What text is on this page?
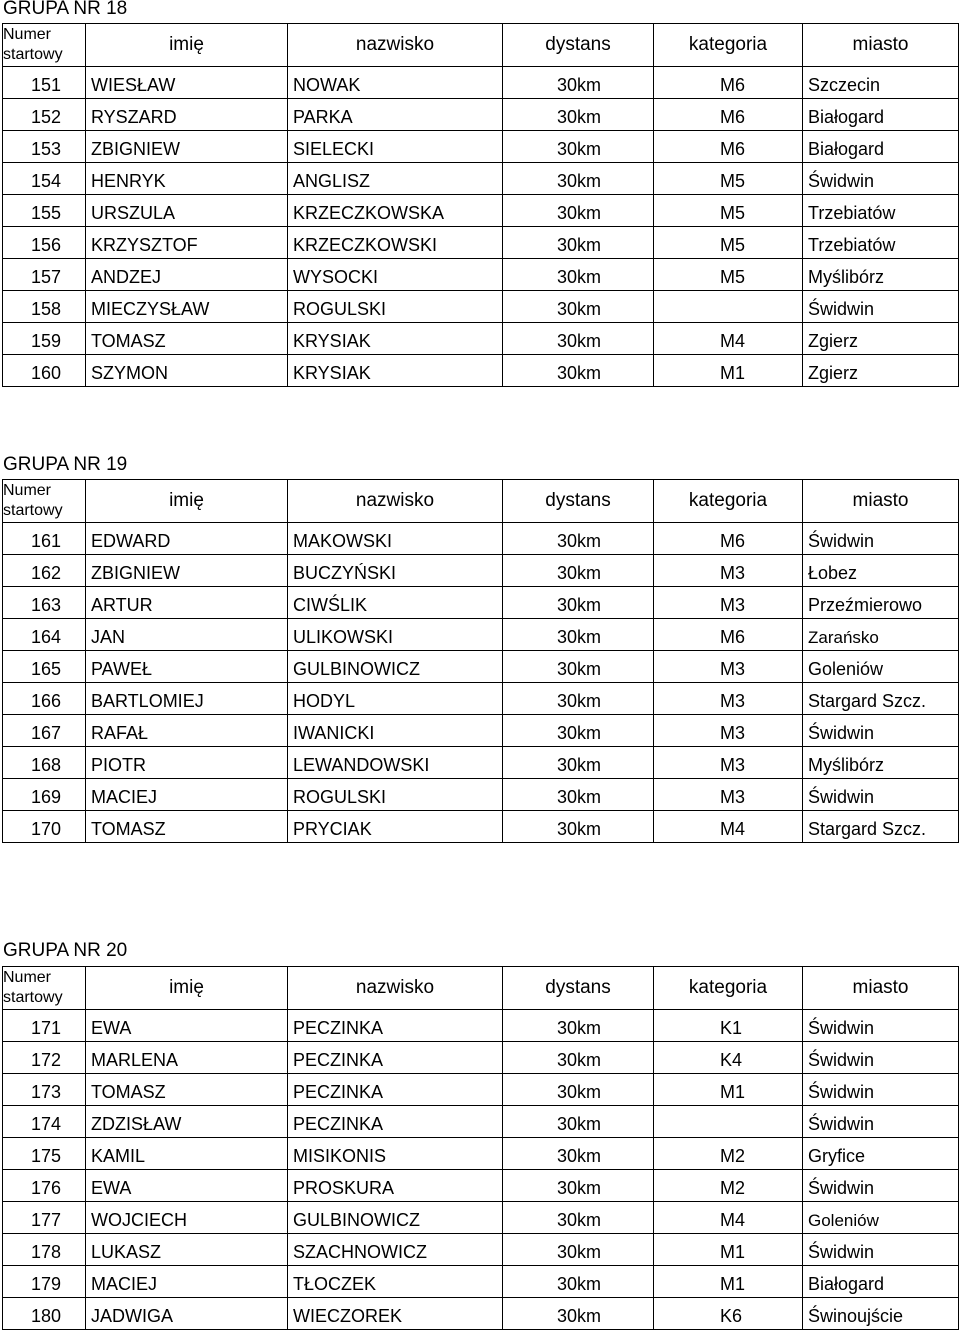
GRUPA NR 18
Numer
startowy	imię	nazwisko	dystans	kategoria	miasto
151	WIESŁAW	NOWAK	30km	M6	Szczecin
152	RYSZARD	PARKA	30km	M6	Białogard
153	ZBIGNIEW	SIELECKI	30km	M6	Białogard
154	HENRYK	ANGLISZ	30km	M5	Świdwin
155	URSZULA	KRZECZKOWSKA	30km	M5	Trzebiatów
156	KRZYSZTOF	KRZECZKOWSKI	30km	M5	Trzebiatów
157	ANDZEJ	WYSOCKI	30km	M5	Myślibórz
158	MIECZYSŁAW	ROGULSKI	30km		Świdwin
159	TOMASZ	KRYSIAK	30km	M4	Zgierz
160	SZYMON	KRYSIAK	30km	M1	Zgierz
GRUPA NR 19
Numer
startowy	imię	nazwisko	dystans	kategoria	miasto
161	EDWARD	MAKOWSKI	30km	M6	Świdwin
162	ZBIGNIEW	BUCZYŃSKI	30km	M3	Łobez
163	ARTUR	CIWŚLIK	30km	M3	Przeźmierowo
164	JAN	ULIKOWSKI	30km	M6	Zarańsko
165	PAWEŁ	GULBINOWICZ	30km	M3	Goleniów
166	BARTLOMIEJ	HODYL	30km	M3	Stargard Szcz.
167	RAFAŁ	IWANICKI	30km	M3	Świdwin
168	PIOTR	LEWANDOWSKI	30km	M3	Myślibórz
169	MACIEJ	ROGULSKI	30km	M3	Świdwin
170	TOMASZ	PRYCIAK	30km	M4	Stargard Szcz.
GRUPA NR 20
Numer
startowy	imię	nazwisko	dystans	kategoria	miasto
171	EWA	PECZINKA	30km	K1	Świdwin
172	MARLENA	PECZINKA	30km	K4	Świdwin
173	TOMASZ	PECZINKA	30km	M1	Świdwin
174	ZDZISŁAW	PECZINKA	30km		Świdwin
175	KAMIL	MISIKONIS	30km	M2	Gryfice
176	EWA	PROSKURA	30km	M2	Świdwin
177	WOJCIECH	GULBINOWICZ	30km	M4	Goleniów
178	LUKASZ	SZACHNOWICZ	30km	M1	Świdwin
179	MACIEJ	TŁOCZEK	30km	M1	Białogard
180	JADWIGA	WIECZOREK	30km	K6	Świnoujście
